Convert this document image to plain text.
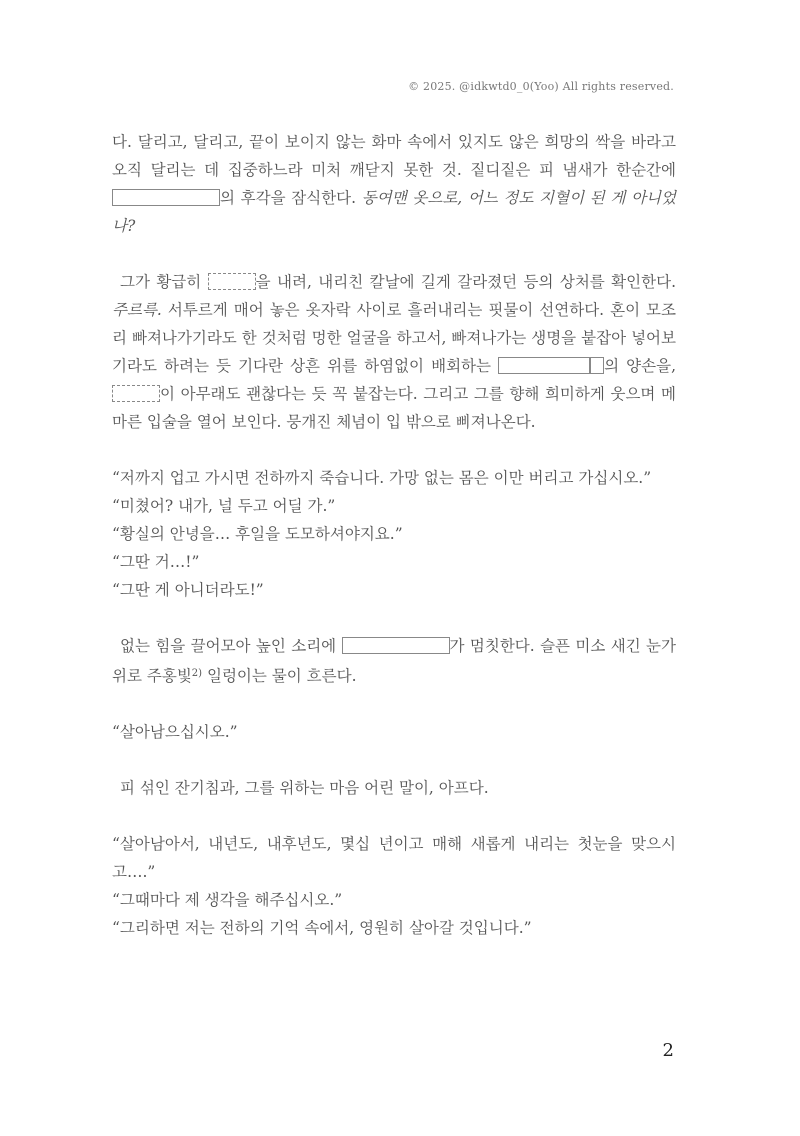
© 2025. @idkwtd0_0(Yoo) All rights reserved.

다. 달리고, 달리고, 끝이 보이지 않는 화마 속에서 있지도 않은 희망의 싹을 바라고 오직 달리는 데 집중하느라 미처 깨닫지 못한 것. 짙디짙은 피 냄새가 한순간에 의 후각을 잠식한다. 동여맨 옷으로, 어느 정도 지혈이 된 게 아니었나?

그가 황급히	을 내려, 내리친 칼날에 길게 갈라졌던 등의 상처를 확인한다. 주르륵. 서투르게 매어 놓은 옷자락 사이로 흘러내리는 핏물이 선연하다. 혼이 모조리 빠져나가기라도 한 것처럼 멍한 얼굴을 하고서, 빠져나가는 생명을 붙잡아 넣어보기라도 하려는 듯 기다란 상흔 위를 하염없이 배회하는	의 양손을, 이 아무래도 괜찮다는 듯 꼭 붙잡는다. 그리고 그를 향해 희미하게 웃으며 메마른 입술을 열어 보인다. 뭉개진 체념이 입 밖으로 삐져나온다.

“저까지 업고 가시면 전하까지 죽습니다. 가망 없는 몸은 이만 버리고 가십시오.”

“미쳤어? 내가, 널 두고 어딜 가.”

“황실의 안녕을… 후일을 도모하셔야지요.”

“그딴 거…!”

“그딴 게 아니더라도!”

없는 힘을 끌어모아 높인 소리에	가 멈칫한다. 슬픈 미소 새긴 눈가 위로 주홍빛$^{2)}$ 일렁이는 물이 흐른다.

“살아남으십시오.”

피 섞인 잔기침과, 그를 위하는 마음 어린 말이, 아프다.

“살아남아서, 내년도, 내후년도, 몇십 년이고 매해 새롭게 내리는 첫눈을 맞으시고….”

“그때마다 제 생각을 해주십시오.”

“그리하면 저는 전하의 기억 속에서, 영원히 살아갈 것입니다.”

2
